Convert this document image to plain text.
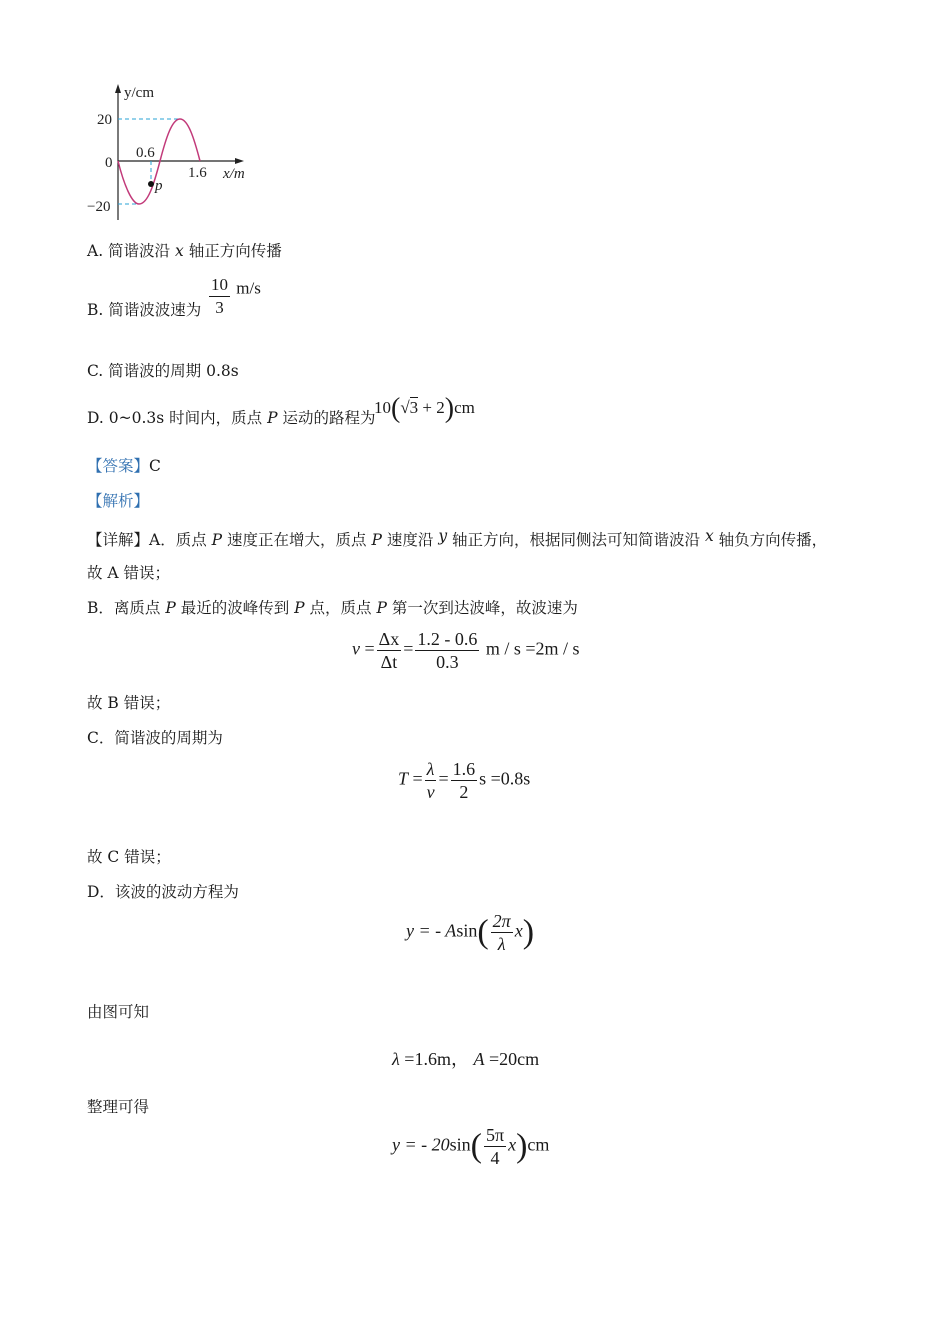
y/cm
20
0
−20
0.6
1.6 x/m
p
A. 简谐波沿 x 轴正方向传播
B. 简谐波波速为 $\frac{10}{3} m/s$
C. 简谐波的周期 0.8s
D. 0~0.3s 时间内，质点 P 运动的路程为
10(√3 + 2)cm
【答案】C
【解析】
【详解】A．质点 P 速度正在增大，质点 P 速度沿 y 轴正方向，根据同侧法可知简谐波沿 x 轴负方向传播，
故 A 错误；
B．离质点 P 最近的波峰传到 P 点，质点 P 第一次到达波峰，故波速为
$v = \frac{\Delta x}{\Delta t} = \frac{1.2 - 0.6}{0.3}$ m / s =2m / s
故 B 错误；
C．简谐波的周期为
$T = \frac{\lambda}{v} = \frac{1.6}{2}$ s =0.8s
故 C 错误；
D．该波的波动方程为
y = - $Asin( \frac{2\pi}{\lambda} x)$
由图可知
λ =1.6m， A =20cm
整理可得
y = - $20\sin( \frac{5\pi}{4} x)cm$
